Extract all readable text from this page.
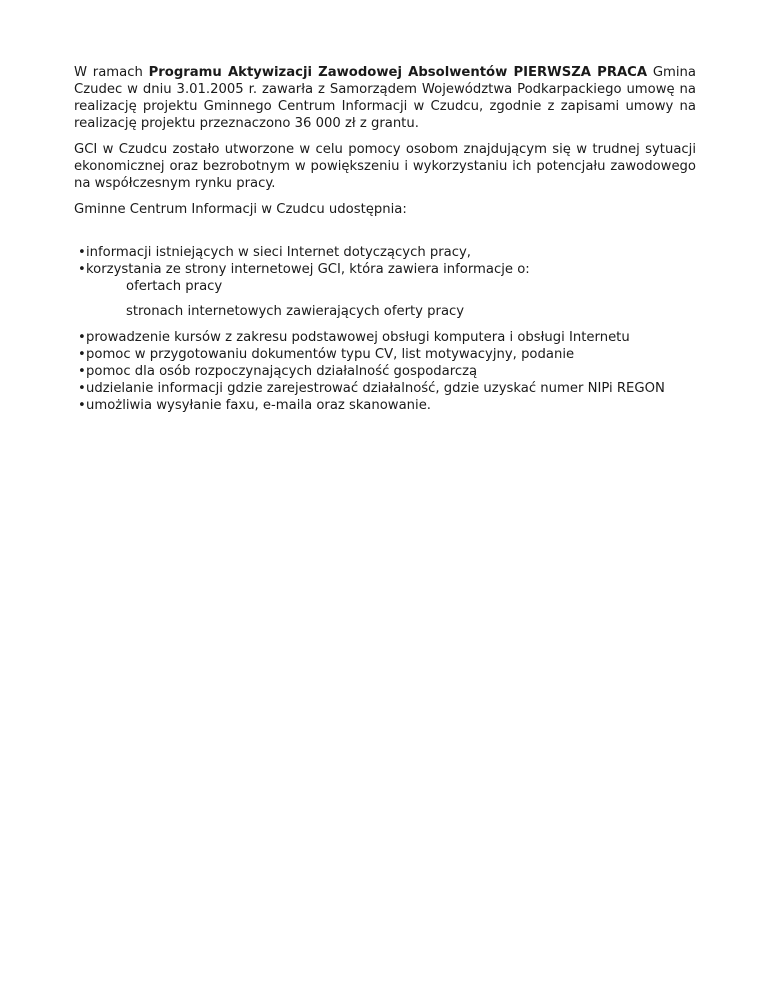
W ramach Programu Aktywizacji Zawodowej Absolwentów PIERWSZA PRACA Gmina Czudec w dniu 3.01.2005 r. zawarła z Samorządem Województwa Podkarpackiego umowę na realizację projektu Gminnego Centrum Informacji w Czudcu, zgodnie z zapisami umowy na realizację projektu przeznaczono 36 000 zł z grantu.

GCI w Czudcu zostało utworzone w celu pomocy osobom znajdującym się w trudnej sytuacji ekonomicznej oraz bezrobotnym w powiększeniu i wykorzystaniu ich potencjału zawodowego na współczesnym rynku pracy.

Gminne Centrum Informacji w Czudcu udostępnia:

• informacji istniejących w sieci Internet dotyczących pracy,
• korzystania ze strony internetowej GCI, która zawiera informacje o:
ofertach pracy
stronach internetowych zawierających oferty pracy
• prowadzenie kursów z zakresu podstawowej obsługi komputera i obsługi Internetu
• pomoc w przygotowaniu dokumentów typu CV, list motywacyjny, podanie
• pomoc dla osób rozpoczynających działalność gospodarczą
• udzielanie informacji gdzie zarejestrować działalność, gdzie uzyskać numer NIPi REGON
• umożliwia wysyłanie faxu, e-maila oraz skanowanie.
